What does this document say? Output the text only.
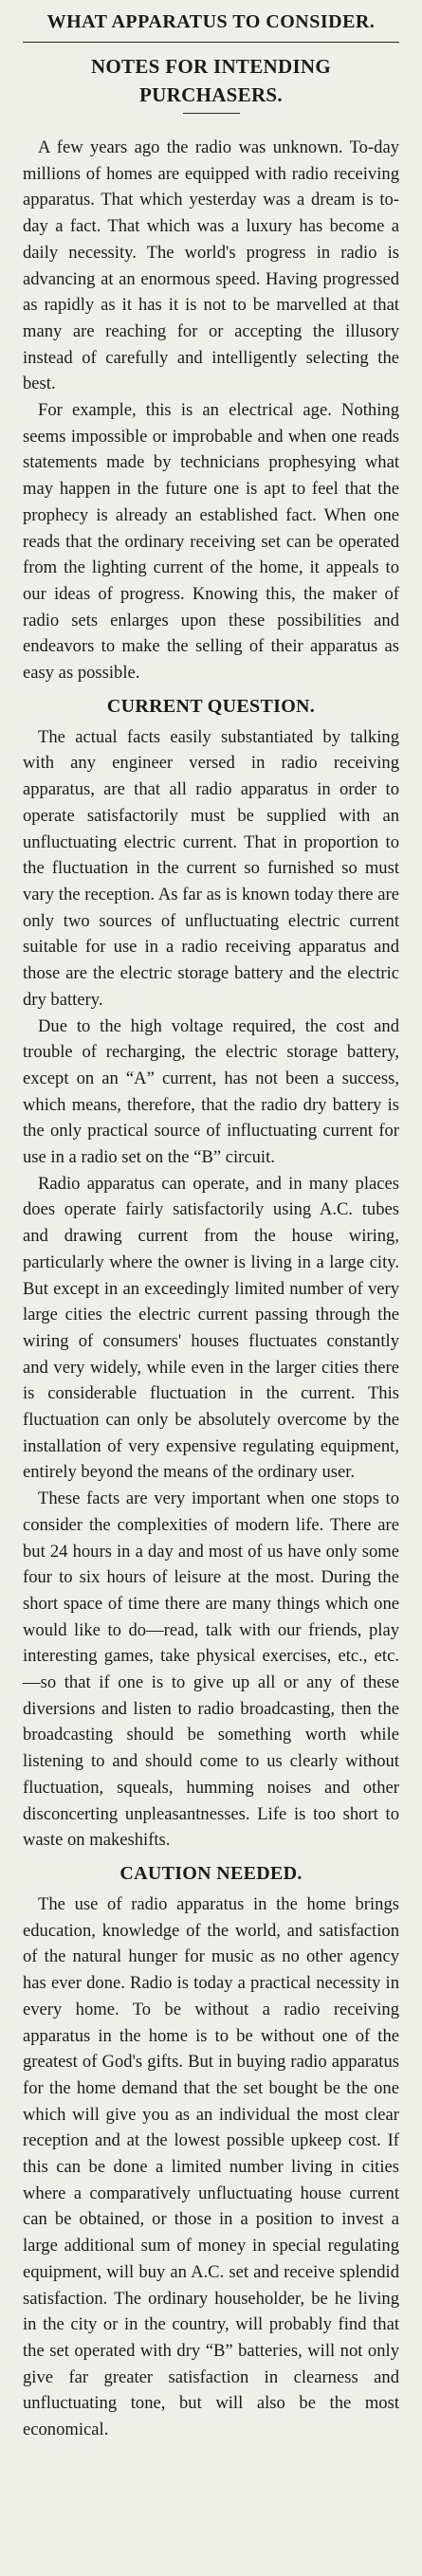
WHAT APPARATUS TO CONSIDER.
NOTES FOR INTENDING PURCHASERS.

A few years ago the radio was unknown. To-day millions of homes are equipped with radio receiving apparatus. That which yesterday was a dream is to-day a fact. That which was a luxury has become a daily necessity. The world's progress in radio is advancing at an enormous speed. Having progressed as rapidly as it has it is not to be marvelled at that many are reaching for or accepting the illusory instead of carefully and intelligently selecting the best.

For example, this is an electrical age. Nothing seems impossible or improbable and when one reads statements made by technicians prophesying what may happen in the future one is apt to feel that the prophecy is already an established fact. When one reads that the ordinary receiving set can be operated from the lighting current of the home, it appeals to our ideas of progress. Knowing this, the maker of radio sets enlarges upon these possibilities and endeavors to make the selling of their apparatus as easy as possible.

CURRENT QUESTION.

The actual facts easily substantiated by talking with any engineer versed in radio receiving apparatus, are that all radio apparatus in order to operate satisfactorily must be supplied with an unfluctuating electric current. That in proportion to the fluctuation in the current so furnished so must vary the reception. As far as is known today there are only two sources of unfluctuating electric current suitable for use in a radio receiving apparatus and those are the electric storage battery and the electric dry battery.

Due to the high voltage required, the cost and trouble of recharging, the electric storage battery, except on an “A” current, has not been a success, which means, therefore, that the radio dry battery is the only practical source of influctuating current for use in a radio set on the “B” circuit.

Radio apparatus can operate, and in many places does operate fairly satisfactorily using A.C. tubes and drawing current from the house wiring, particularly where the owner is living in a large city. But except in an exceedingly limited number of very large cities the electric current passing through the wiring of consumers' houses fluctuates constantly and very widely, while even in the larger cities there is considerable fluctuation in the current. This fluctuation can only be absolutely overcome by the installation of very expensive regulating equipment, entirely beyond the means of the ordinary user.

These facts are very important when one stops to consider the complexities of modern life. There are but 24 hours in a day and most of us have only some four to six hours of leisure at the most. During the short space of time there are many things which one would like to do—read, talk with our friends, play interesting games, take physical exercises, etc., etc.—so that if one is to give up all or any of these diversions and listen to radio broadcasting, then the broadcasting should be something worth while listening to and should come to us clearly without fluctuation, squeals, humming noises and other disconcerting unpleasantnesses. Life is too short to waste on makeshifts.

CAUTION NEEDED.

The use of radio apparatus in the home brings education, knowledge of the world, and satisfaction of the natural hunger for music as no other agency has ever done. Radio is today a practical necessity in every home. To be without a radio receiving apparatus in the home is to be without one of the greatest of God's gifts. But in buying radio apparatus for the home demand that the set bought be the one which will give you as an individual the most clear reception and at the lowest possible upkeep cost. If this can be done a limited number living in cities where a comparatively unfluctuating house current can be obtained, or those in a position to invest a large additional sum of money in special regulating equipment, will buy an A.C. set and receive splendid satisfaction. The ordinary householder, be he living in the city or in the country, will probably find that the set operated with dry “B” batteries, will not only give far greater satisfaction in clearness and unfluctuating tone, but will also be the most economical.
